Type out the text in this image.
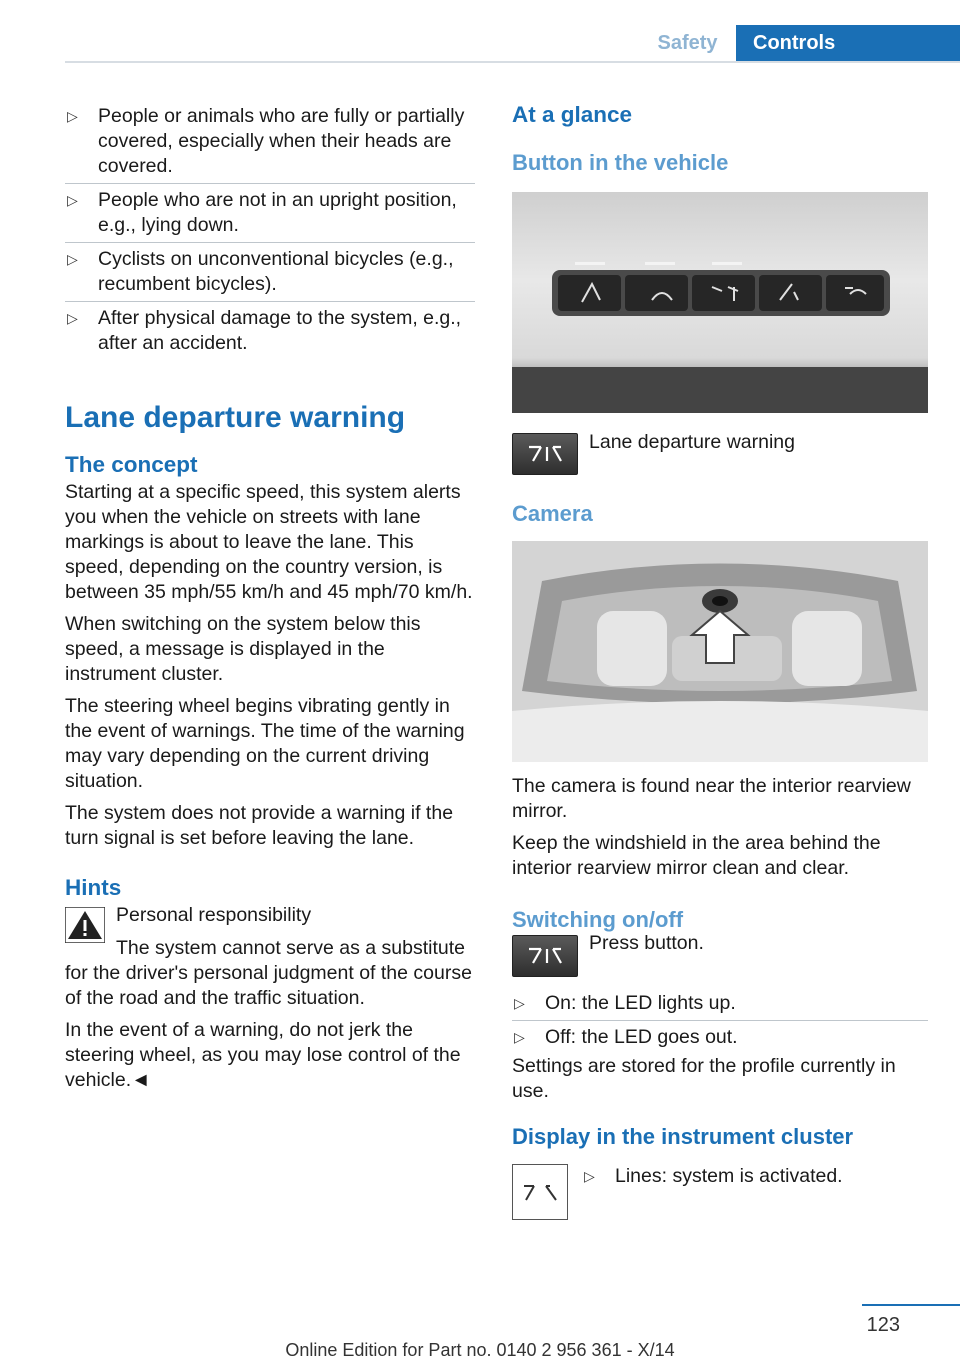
Safety	Controls
▷ People or animals who are fully or partially covered, especially when their heads are covered.
▷ People who are not in an upright position, e.g., lying down.
▷ Cyclists on unconventional bicycles (e.g., recumbent bicycles).
▷ After physical damage to the system, e.g., after an accident.
Lane departure warning
The concept

Starting at a specific speed, this system alerts you when the vehicle on streets with lane markings is about to leave the lane. This speed, depending on the country version, is between 35 mph/55 km/h and 45 mph/70 km/h.

When switching on the system below this speed, a message is displayed in the instrument cluster.

The steering wheel begins vibrating gently in the event of warnings. The time of the warning may vary depending on the current driving situation.

The system does not provide a warning if the turn signal is set before leaving the lane.

Hints

Personal responsibility

The system cannot serve as a substitute

for the driver's personal judgment of the course of the road and the traffic situation.

In the event of a warning, do not jerk the steering wheel, as you may lose control of the vehicle.◄

At a glance
Button in the vehicle

Lane departure warning

Camera

The camera is found near the interior rearview mirror.

Keep the windshield in the area behind the interior rearview mirror clean and clear.

Switching on/off

Press button.

▷ On: the LED lights up.
▷ Off: the LED goes out.

Settings are stored for the profile currently in use.

Display in the instrument cluster
▷ Lines: system is activated.
123
Online Edition for Part no. 0140 2 956 361 - X/14
